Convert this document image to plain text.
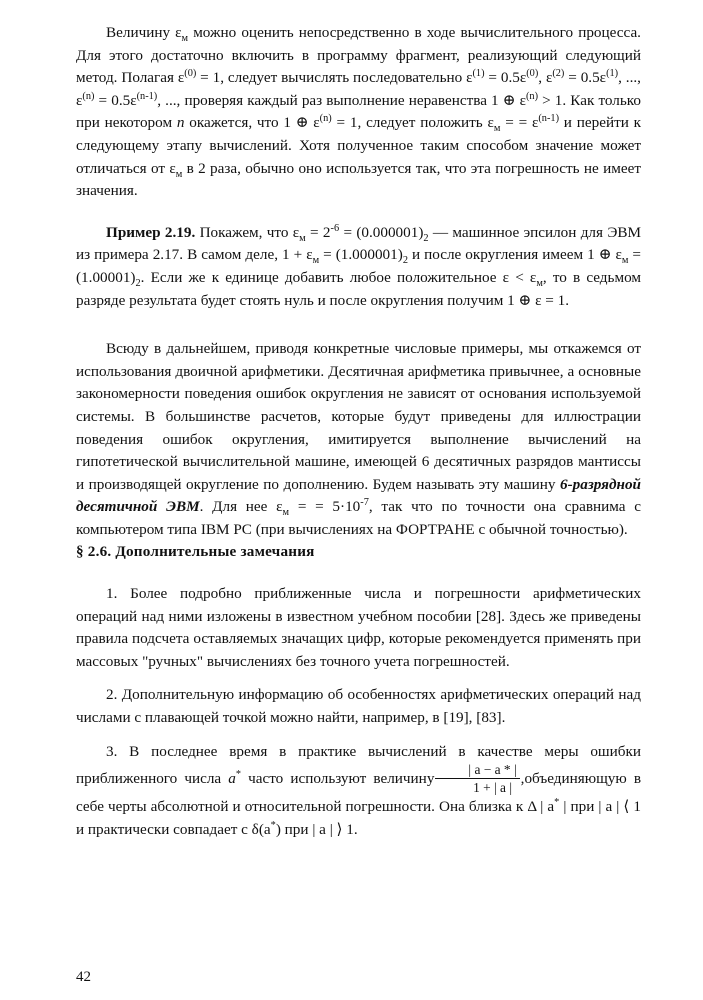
Величину $\varepsilon_м$ можно оценить непосредственно в ходе вычислительного процесса. Для этого достаточно включить в программу фрагмент, реализующий следующий метод. Полагая $\varepsilon^{(0)} = 1$, следует вычислять последовательно $\varepsilon^{(1)} = 0.5\varepsilon^{(0)}$, $\varepsilon^{(2)} = 0.5\varepsilon^{(1)}$, ..., $\varepsilon^{(n)} = 0.5\varepsilon^{(n-1)}$, ..., проверяя каждый раз выполнение неравенства 1 ⊕ $\varepsilon^{(n)} > 1$. Как только при некотором n окажется, что 1 ⊕ $\varepsilon^{(n)} = 1$, следует положить $\varepsilon_м$ = = $\varepsilon^{(n-1)}$ и перейти к следующему этапу вычислений. Хотя полученное таким способом значение может отличаться от $\varepsilon_м$ в 2 раза, обычно оно используется так, что эта погрешность не имеет значения.

Пример 2.19. Покажем, что $\varepsilon_м = 2^{-6} = (0.000001)_2$ — машинное эпсилон для ЭВМ из примера 2.17. В самом деле, $1 + \varepsilon_м = (1.000001)_2$ и после округления имеем 1 ⊕ $\varepsilon_м = (1.00001)_2$. Если же к единице добавить любое положительное $\varepsilon < \varepsilon_м$, то в седьмом разряде результата будет стоять нуль и после округления получим 1 ⊕ ε = 1.

Всюду в дальнейшем, приводя конкретные числовые примеры, мы откажемся от использования двоичной арифметики. Десятичная арифметика привычнее, а основные закономерности поведения ошибок округления не зависят от основания используемой системы. В большинстве расчетов, которые будут приведены для иллюстрации поведения ошибок округления, имитируется выполнение вычислений на гипотетической вычислительной машине, имеющей 6 десятичных разрядов мантиссы и производящей округление по дополнению. Будем называть эту машину 6-разрядной десятичной ЭВМ. Для нее $\varepsilon_м$ = = $5\cdot 10^{-7}$, так что по точности она сравнима с компьютером типа IBM PC (при вычислениях на ФОРТРАНЕ с обычной точностью).

§ 2.6. Дополнительные замечания

1. Более подробно приближенные числа и погрешности арифметических операций над ними изложены в известном учебном пособии [28]. Здесь же приведены правила подсчета оставляемых значащих цифр, которые рекомендуется применять при массовых "ручных" вычислениях без точного учета погрешностей.

2. Дополнительную информацию об особенностях арифметических операций над числами с плавающей точкой можно найти, например, в [19], [83].

3. В последнее время в практике вычислений в качестве меры ошибки приближенного числа a* часто используют величину $\frac{| a - a * |}{1 + | a |}$ ,объединяющую в себе черты абсолютной и относительной погрешности. Она близка к Δ | a* | при | a | ⟨ 1 и практически совпадает с δ(a*) при | a | ⟩ 1.

42
